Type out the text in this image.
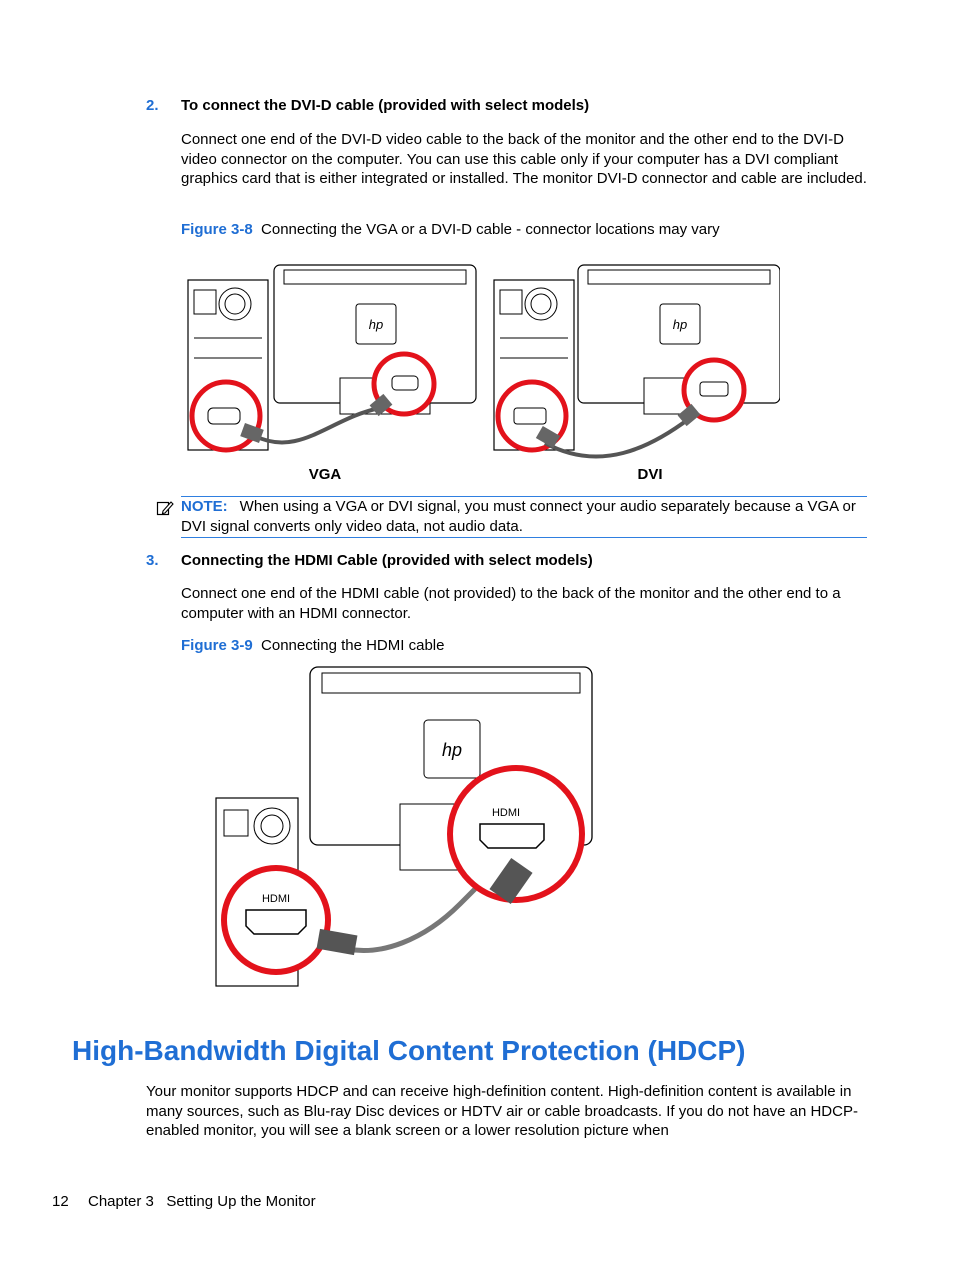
2. To connect the DVI-D cable (provided with select models)
Connect one end of the DVI-D video cable to the back of the monitor and the other end to the DVI-D video connector on the computer. You can use this cable only if your computer has a DVI compliant graphics card that is either integrated or installed. The monitor DVI-D connector and cable are included.
Figure 3-8 Connecting the VGA or a DVI-D cable - connector locations may vary
hp
VGA
hp
DVI
NOTE: When using a VGA or DVI signal, you must connect your audio separately because a VGA or DVI signal converts only video data, not audio data.
3. Connecting the HDMI Cable (provided with select models)
Connect one end of the HDMI cable (not provided) to the back of the monitor and the other end to a computer with an HDMI connector.
Figure 3-9 Connecting the HDMI cable
hp
HDMI
HDMI
High-Bandwidth Digital Content Protection (HDCP)
Your monitor supports HDCP and can receive high-definition content. High-definition content is available in many sources, such as Blu-ray Disc devices or HDTV air or cable broadcasts. If you do not have an HDCP-enabled monitor, you will see a blank screen or a lower resolution picture when
12 Chapter 3   Setting Up the Monitor
